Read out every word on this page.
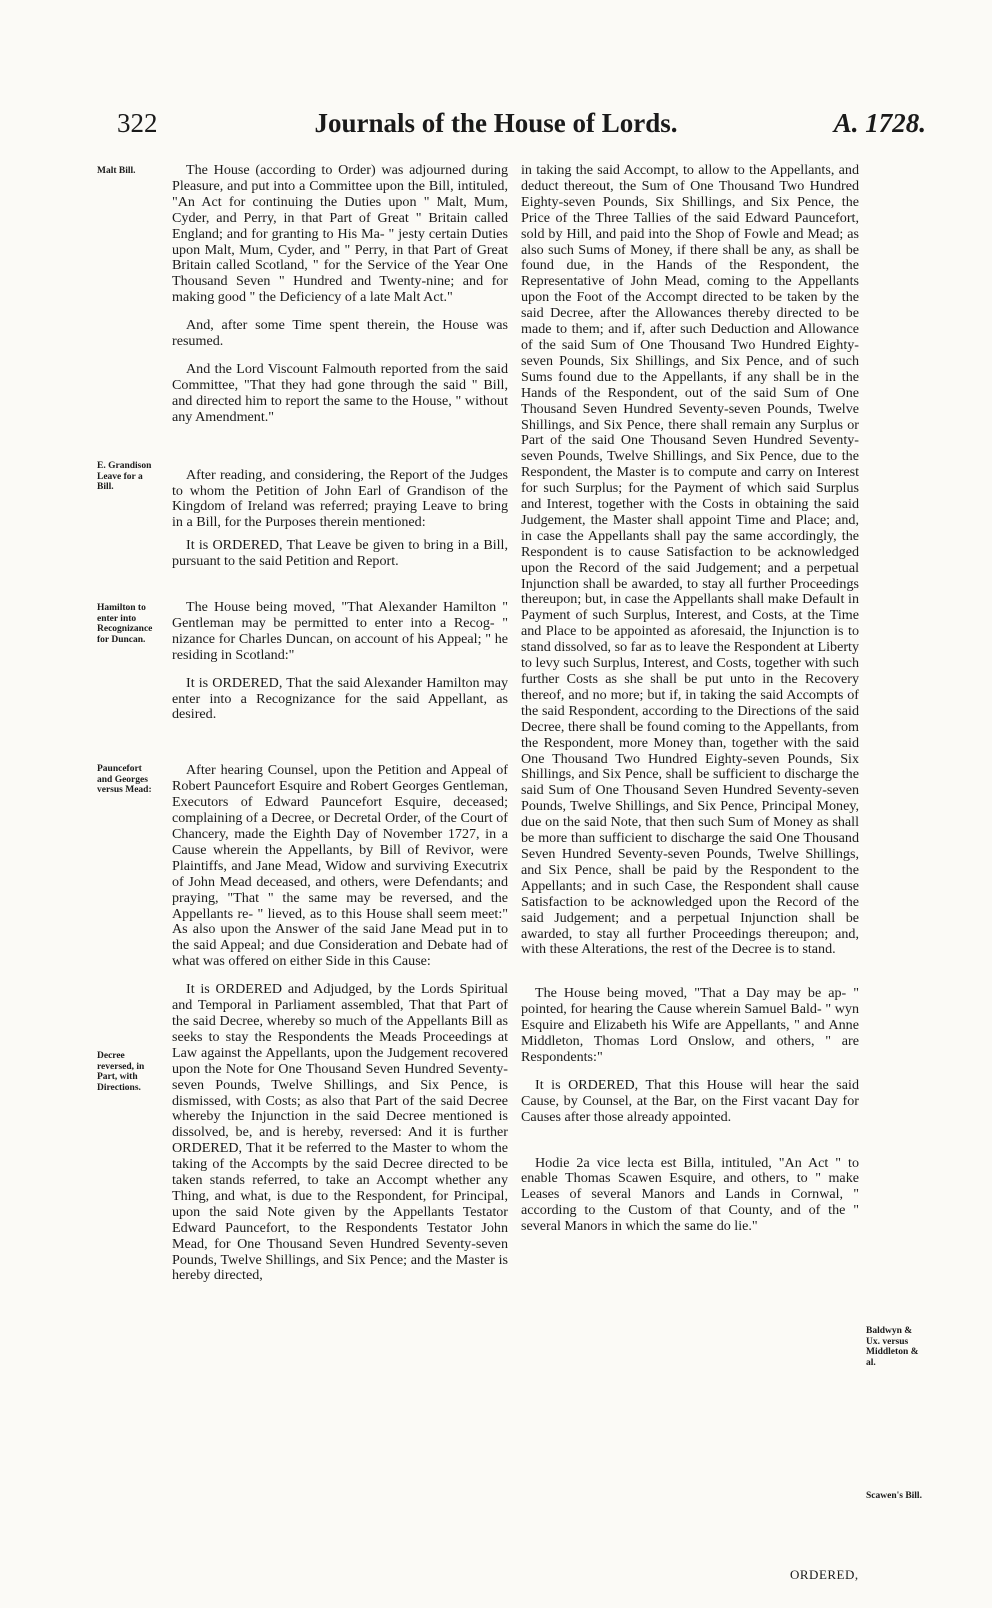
322	Journals of the House of Lords.	A. 1728.
Malt Bill.
E. Grandison Leave for a Bill.
Hamilton to enter into Recognizance for Duncan.
Pauncefort and Georges versus Mead:
Decree reversed, in Part, with Directions.
Baldwyn & Ux. versus Middleton & al.
Scawen's Bill.

The House (according to Order) was adjourned during Pleasure, and put into a Committee upon the Bill, intituled, "An Act for continuing the Duties upon " Malt, Mum, Cyder, and Perry, in that Part of Great " Britain called England; and for granting to His Ma- " jesty certain Duties upon Malt, Mum, Cyder, and " Perry, in that Part of Great Britain called Scotland, " for the Service of the Year One Thousand Seven " Hundred and Twenty-nine; and for making good " the Deficiency of a late Malt Act."

And, after some Time spent therein, the House was resumed.

And the Lord Viscount Falmouth reported from the said Committee, "That they had gone through the said " Bill, and directed him to report the same to the House, " without any Amendment."

After reading, and considering, the Report of the Judges to whom the Petition of John Earl of Grandison of the Kingdom of Ireland was referred; praying Leave to bring in a Bill, for the Purposes therein mentioned:

It is ORDERED, That Leave be given to bring in a Bill, pursuant to the said Petition and Report.

The House being moved, "That Alexander Hamilton " Gentleman may be permitted to enter into a Recog- " nizance for Charles Duncan, on account of his Appeal; " he residing in Scotland:"

It is ORDERED, That the said Alexander Hamilton may enter into a Recognizance for the said Appellant, as desired.

After hearing Counsel, upon the Petition and Appeal of Robert Pauncefort Esquire and Robert Georges Gentleman, Executors of Edward Pauncefort Esquire, deceased; complaining of a Decree, or Decretal Order, of the Court of Chancery, made the Eighth Day of November 1727, in a Cause wherein the Appellants, by Bill of Revivor, were Plaintiffs, and Jane Mead, Widow and surviving Executrix of John Mead deceased, and others, were Defendants; and praying, "That " the same may be reversed, and the Appellants re- " lieved, as to this House shall seem meet:" As also upon the Answer of the said Jane Mead put in to the said Appeal; and due Consideration and Debate had of what was offered on either Side in this Cause:

It is ORDERED and Adjudged, by the Lords Spiritual and Temporal in Parliament assembled, That that Part of the said Decree, whereby so much of the Appellants Bill as seeks to stay the Respondents the Meads Proceedings at Law against the Appellants, upon the Judgement recovered upon the Note for One Thousand Seven Hundred Seventy-seven Pounds, Twelve Shillings, and Six Pence, is dismissed, with Costs; as also that Part of the said Decree whereby the Injunction in the said Decree mentioned is dissolved, be, and is hereby, reversed: And it is further ORDERED, That it be referred to the Master to whom the taking of the Accompts by the said Decree directed to be taken stands referred, to take an Accompt whether any Thing, and what, is due to the Respondent, for Principal, upon the said Note given by the Appellants Testator Edward Pauncefort, to the Respondents Testator John Mead, for One Thousand Seven Hundred Seventy-seven Pounds, Twelve Shillings, and Six Pence; and the Master is hereby directed,

in taking the said Accompt, to allow to the Appellants, and deduct thereout, the Sum of One Thousand Two Hundred Eighty-seven Pounds, Six Shillings, and Six Pence, the Price of the Three Tallies of the said Edward Pauncefort, sold by Hill, and paid into the Shop of Fowle and Mead; as also such Sums of Money, if there shall be any, as shall be found due, in the Hands of the Respondent, the Representative of John Mead, coming to the Appellants upon the Foot of the Accompt directed to be taken by the said Decree, after the Allowances thereby directed to be made to them; and if, after such Deduction and Allowance of the said Sum of One Thousand Two Hundred Eighty-seven Pounds, Six Shillings, and Six Pence, and of such Sums found due to the Appellants, if any shall be in the Hands of the Respondent, out of the said Sum of One Thousand Seven Hundred Seventy-seven Pounds, Twelve Shillings, and Six Pence, there shall remain any Surplus or Part of the said One Thousand Seven Hundred Seventy-seven Pounds, Twelve Shillings, and Six Pence, due to the Respondent, the Master is to compute and carry on Interest for such Surplus; for the Payment of which said Surplus and Interest, together with the Costs in obtaining the said Judgement, the Master shall appoint Time and Place; and, in case the Appellants shall pay the same accordingly, the Respondent is to cause Satisfaction to be acknowledged upon the Record of the said Judgement; and a perpetual Injunction shall be awarded, to stay all further Proceedings thereupon; but, in case the Appellants shall make Default in Payment of such Surplus, Interest, and Costs, at the Time and Place to be appointed as aforesaid, the Injunction is to stand dissolved, so far as to leave the Respondent at Liberty to levy such Surplus, Interest, and Costs, together with such further Costs as she shall be put unto in the Recovery thereof, and no more; but if, in taking the said Accompts of the said Respondent, according to the Directions of the said Decree, there shall be found coming to the Appellants, from the Respondent, more Money than, together with the said One Thousand Two Hundred Eighty-seven Pounds, Six Shillings, and Six Pence, shall be sufficient to discharge the said Sum of One Thousand Seven Hundred Seventy-seven Pounds, Twelve Shillings, and Six Pence, Principal Money, due on the said Note, that then such Sum of Money as shall be more than sufficient to discharge the said One Thousand Seven Hundred Seventy-seven Pounds, Twelve Shillings, and Six Pence, shall be paid by the Respondent to the Appellants; and in such Case, the Respondent shall cause Satisfaction to be acknowledged upon the Record of the said Judgement; and a perpetual Injunction shall be awarded, to stay all further Proceedings thereupon; and, with these Alterations, the rest of the Decree is to stand.

The House being moved, "That a Day may be ap- " pointed, for hearing the Cause wherein Samuel Bald- " wyn Esquire and Elizabeth his Wife are Appellants, " and Anne Middleton, Thomas Lord Onslow, and others, " are Respondents:"

It is ORDERED, That this House will hear the said Cause, by Counsel, at the Bar, on the First vacant Day for Causes after those already appointed.

Hodie 2a vice lecta est Billa, intituled, "An Act " to enable Thomas Scawen Esquire, and others, to " make Leases of several Manors and Lands in Cornwal, " according to the Custom of that County, and of the " several Manors in which the same do lie."

ORDERED,
